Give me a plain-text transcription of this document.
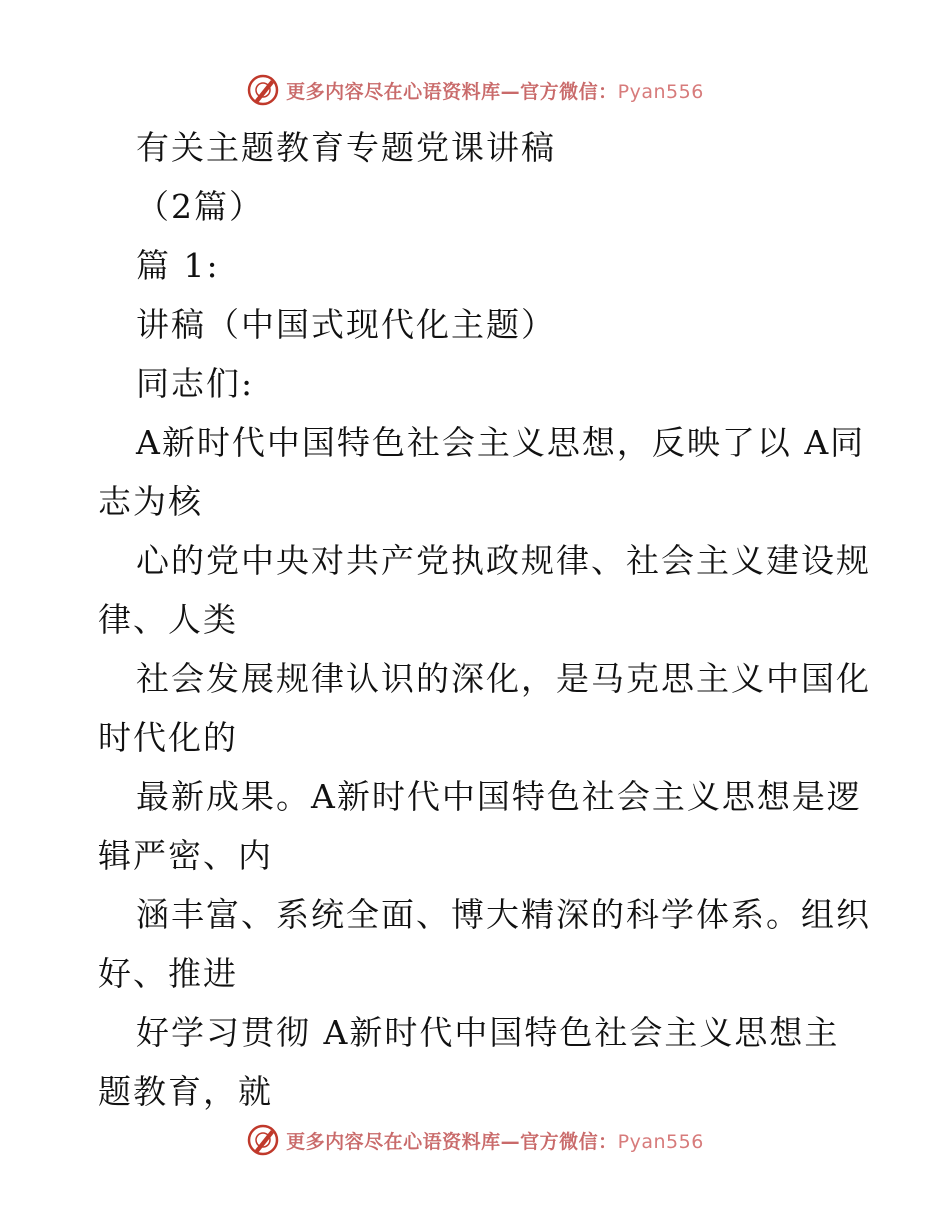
更多内容尽在心语资料库—官方微信：Pyan556
有关主题教育专题党课讲稿
（2篇）
篇 1:
讲稿（中国式现代化主题）
同志们:
A新时代中国特色社会主义思想，反映了以 A同
志为核
心的党中央对共产党执政规律、社会主义建设规
律、人类
社会发展规律认识的深化，是马克思主义中国化
时代化的
最新成果。A新时代中国特色社会主义思想是逻
辑严密、内
涵丰富、系统全面、博大精深的科学体系。组织
好、推进
好学习贯彻 A新时代中国特色社会主义思想主
题教育，就
更多内容尽在心语资料库—官方微信：Pyan556
